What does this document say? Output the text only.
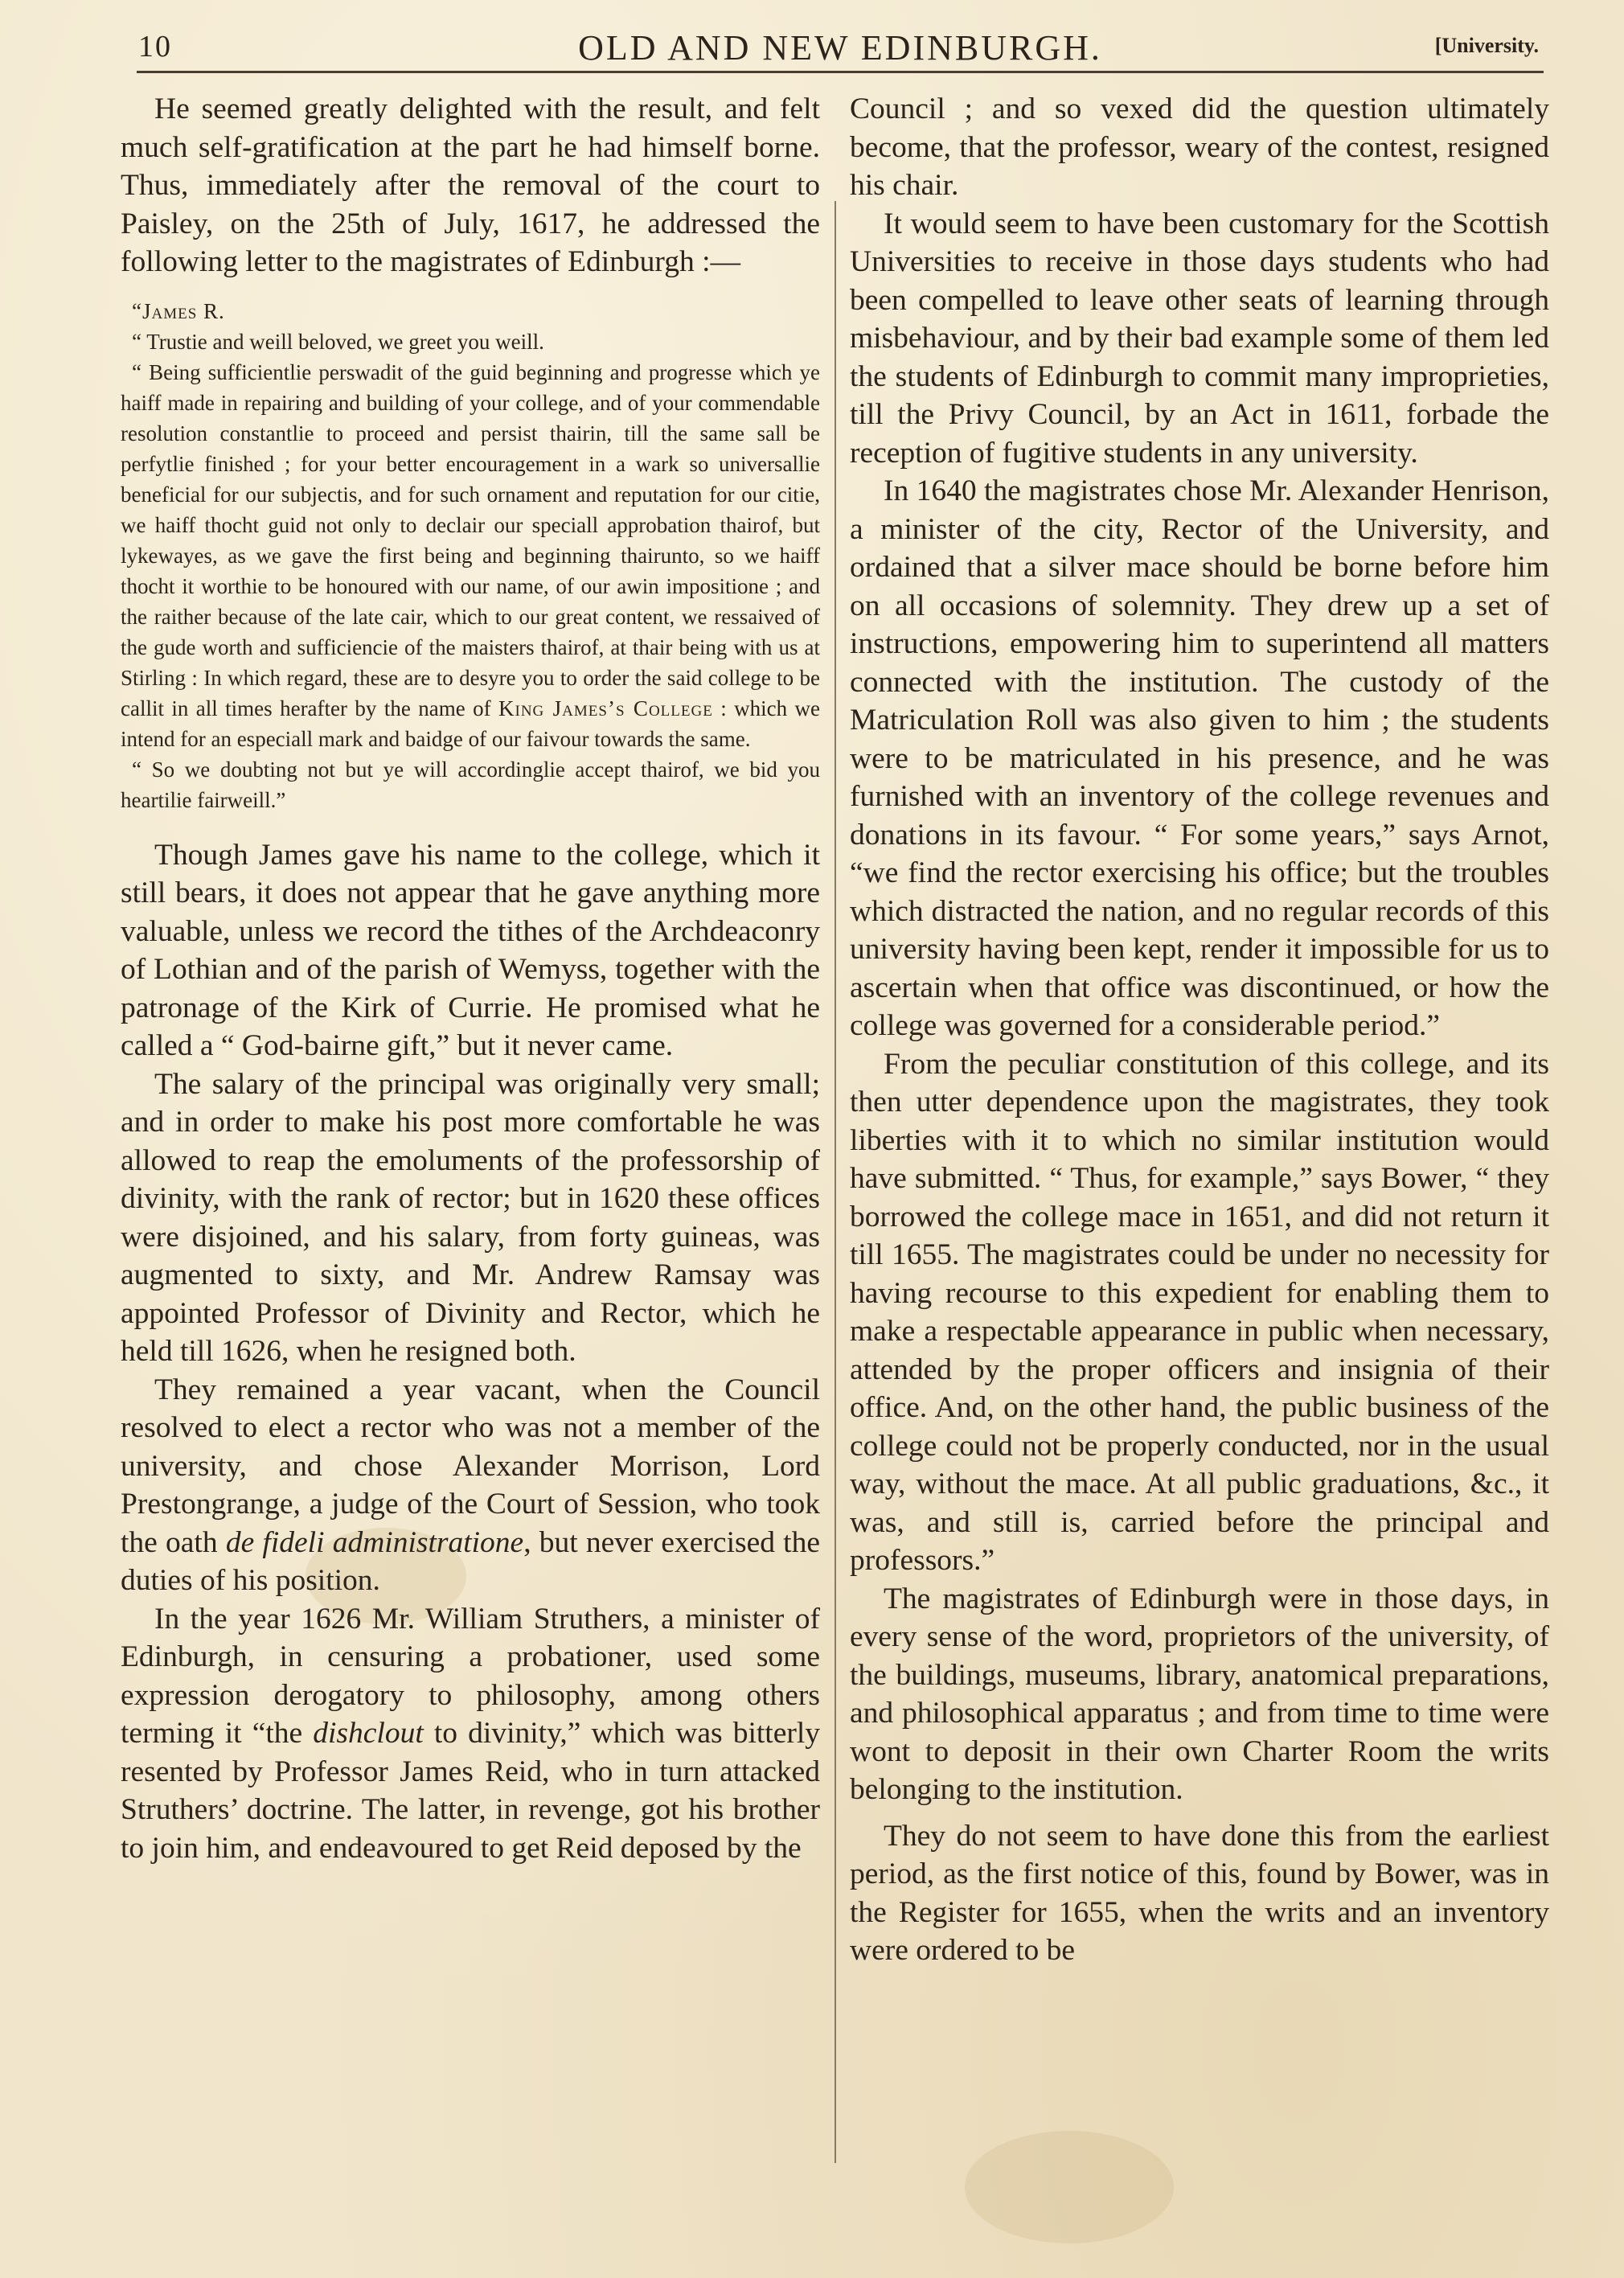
10	OLD AND NEW EDINBURGH.	[University.

He seemed greatly delighted with the result, and felt much self-gratification at the part he had himself borne. Thus, immediately after the removal of the court to Paisley, on the 25th of July, 1617, he addressed the following letter to the magistrates of Edinburgh :—

“James R.

“ Trustie and weill beloved, we greet you weill.

“ Being sufficientlie perswadit of the guid beginning and progresse which ye haiff made in repairing and building of your college, and of your commendable resolution constantlie to proceed and persist thairin, till the same sall be perfytlie finished ; for your better encouragement in a wark so universallie beneficial for our subjectis, and for such ornament and reputation for our citie, we haiff thocht guid not only to declair our speciall approbation thairof, but lykewayes, as we gave the first being and beginning thairunto, so we haiff thocht it worthie to be honoured with our name, of our awin impositione ; and the raither because of the late cair, which to our great content, we ressaived of the gude worth and sufficiencie of the maisters thairof, at thair being with us at Stirling : In which regard, these are to desyre you to order the said college to be callit in all times herafter by the name of King James’s College : which we intend for an especiall mark and baidge of our faivour towards the same.

“ So we doubting not but ye will accordinglie accept thairof, we bid you heartilie fairweill.”

Though James gave his name to the college, which it still bears, it does not appear that he gave anything more valuable, unless we record the tithes of the Archdeaconry of Lothian and of the parish of Wemyss, together with the patronage of the Kirk of Currie. He promised what he called a “ God-bairne gift,” but it never came.

The salary of the principal was originally very small; and in order to make his post more comfortable he was allowed to reap the emoluments of the professorship of divinity, with the rank of rector; but in 1620 these offices were disjoined, and his salary, from forty guineas, was augmented to sixty, and Mr. Andrew Ramsay was appointed Professor of Divinity and Rector, which he held till 1626, when he resigned both.

They remained a year vacant, when the Council resolved to elect a rector who was not a member of the university, and chose Alexander Morrison, Lord Prestongrange, a judge of the Court of Session, who took the oath de fideli administratione, but never exercised the duties of his position.

In the year 1626 Mr. William Struthers, a minister of Edinburgh, in censuring a probationer, used some expression derogatory to philosophy, among others terming it “the dishclout to divinity,” which was bitterly resented by Professor James Reid, who in turn attacked Struthers’ doctrine. The latter, in revenge, got his brother to join him, and endeavoured to get Reid deposed by the

Council ; and so vexed did the question ultimately become, that the professor, weary of the contest, resigned his chair.

It would seem to have been customary for the Scottish Universities to receive in those days students who had been compelled to leave other seats of learning through misbehaviour, and by their bad example some of them led the students of Edinburgh to commit many improprieties, till the Privy Council, by an Act in 1611, forbade the reception of fugitive students in any university.

In 1640 the magistrates chose Mr. Alexander Henrison, a minister of the city, Rector of the University, and ordained that a silver mace should be borne before him on all occasions of solemnity. They drew up a set of instructions, empowering him to superintend all matters connected with the institution. The custody of the Matriculation Roll was also given to him ; the students were to be matriculated in his presence, and he was furnished with an inventory of the college revenues and donations in its favour. “ For some years,” says Arnot, “we find the rector exercising his office; but the troubles which distracted the nation, and no regular records of this university having been kept, render it impossible for us to ascertain when that office was discontinued, or how the college was governed for a considerable period.”

From the peculiar constitution of this college, and its then utter dependence upon the magistrates, they took liberties with it to which no similar institution would have submitted. “ Thus, for example,” says Bower, “ they borrowed the college mace in 1651, and did not return it till 1655. The magistrates could be under no necessity for having recourse to this expedient for enabling them to make a respectable appearance in public when necessary, attended by the proper officers and insignia of their office. And, on the other hand, the public business of the college could not be properly conducted, nor in the usual way, without the mace. At all public graduations, &c., it was, and still is, carried before the principal and professors.”

The magistrates of Edinburgh were in those days, in every sense of the word, proprietors of the university, of the buildings, museums, library, anatomical preparations, and philosophical apparatus ; and from time to time were wont to deposit in their own Charter Room the writs belonging to the institution.

They do not seem to have done this from the earliest period, as the first notice of this, found by Bower, was in the Register for 1655, when the writs and an inventory were ordered to be
